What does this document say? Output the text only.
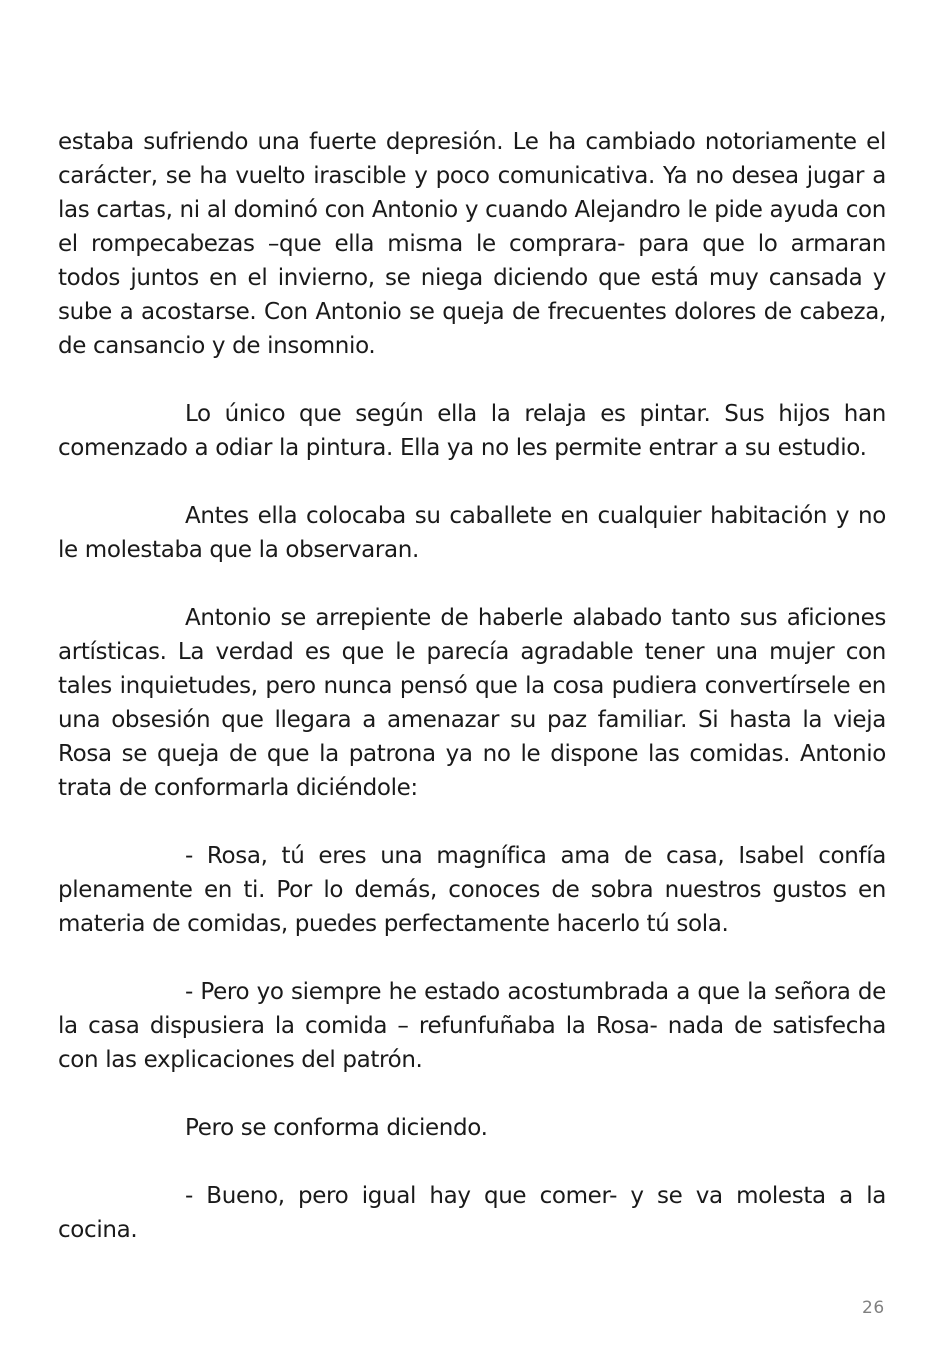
estaba sufriendo una fuerte depresión. Le ha cambiado notoriamente el carácter, se ha vuelto irascible y poco comunicativa. Ya no desea jugar a las cartas, ni al dominó con Antonio y cuando Alejandro le pide ayuda con el rompecabezas –que ella misma le comprara- para que lo armaran todos juntos en el invierno, se niega diciendo que está muy cansada y sube a acostarse. Con Antonio se queja de frecuentes dolores de cabeza, de cansancio y de insomnio.

Lo único que según ella la relaja es pintar. Sus hijos han comenzado a odiar la pintura. Ella ya no les permite entrar a su estudio.

Antes ella colocaba su caballete en cualquier habitación y no le molestaba que la observaran.

Antonio se arrepiente de haberle alabado tanto sus aficiones artísticas. La verdad es que le parecía agradable tener una mujer con tales inquietudes, pero nunca pensó que la cosa pudiera convertírsele en una obsesión que llegara a amenazar su paz familiar. Si hasta la vieja Rosa se queja de que la patrona ya no le dispone las comidas. Antonio trata de conformarla diciéndole:

- Rosa, tú eres una magnífica ama de casa, Isabel confía plenamente en ti. Por lo demás, conoces de sobra nuestros gustos en materia de comidas, puedes perfectamente hacerlo tú sola.

- Pero yo siempre he estado acostumbrada a que la señora de la casa dispusiera la comida – refunfuñaba la Rosa- nada de satisfecha con las explicaciones del patrón.

Pero se conforma diciendo.

- Bueno, pero igual hay que comer- y se va molesta a la cocina.

26
